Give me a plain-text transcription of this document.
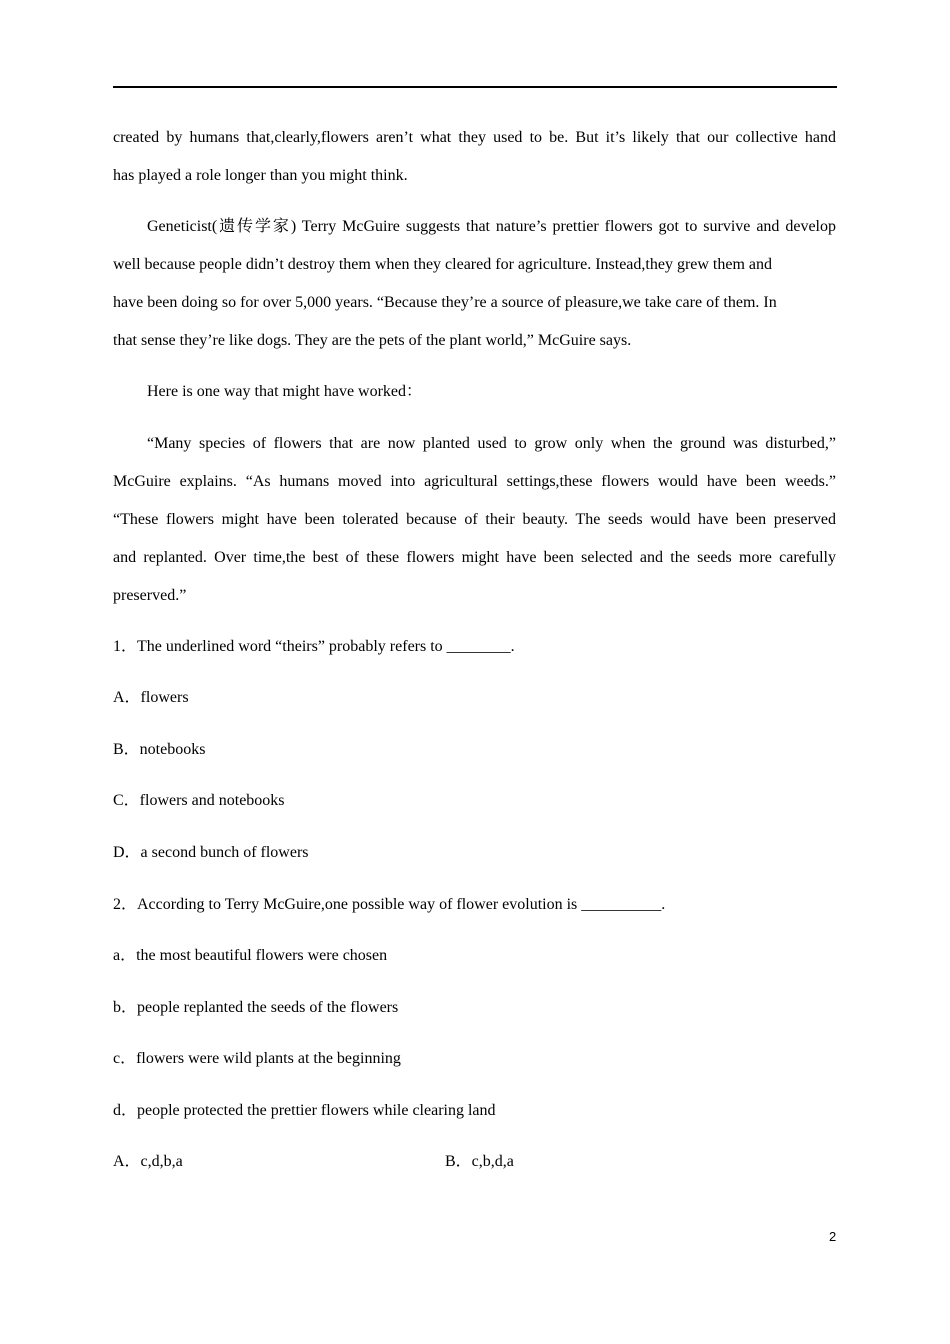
created by humans that,clearly,flowers aren’t what they used to be. But it’s likely that our collective hand
has played a role longer than you might think.
Geneticist(遗传学家) Terry McGuire suggests that nature’s prettier flowers got to survive and develop
well because people didn’t destroy them when they cleared for agriculture. Instead,they grew them and
have been doing so for over 5,000 years. “Because they’re a source of pleasure,we take care of them. In
that sense they’re like dogs. They are the pets of the plant world,” McGuire says.
Here is one way that might have worked：
“Many species of flowers that are now planted used to grow only when the ground was disturbed,”
McGuire explains. “As humans moved into agricultural settings,these flowers would have been weeds.”
“These flowers might have been tolerated because of their beauty. The seeds would have been preserved
and replanted. Over time,the best of these flowers might have been selected and the seeds more carefully
preserved.”
1．The underlined word “theirs” probably refers to ________.
A．flowers
B．notebooks
C．flowers and notebooks
D．a second bunch of flowers
2．According to Terry McGuire,one possible way of flower evolution is __________.
a．the most beautiful flowers were chosen
b．people replanted the seeds of the flowers
c．flowers were wild plants at the beginning
d．people protected the prettier flowers while clearing land
A．c,d,b,a	B．c,b,d,a
2
